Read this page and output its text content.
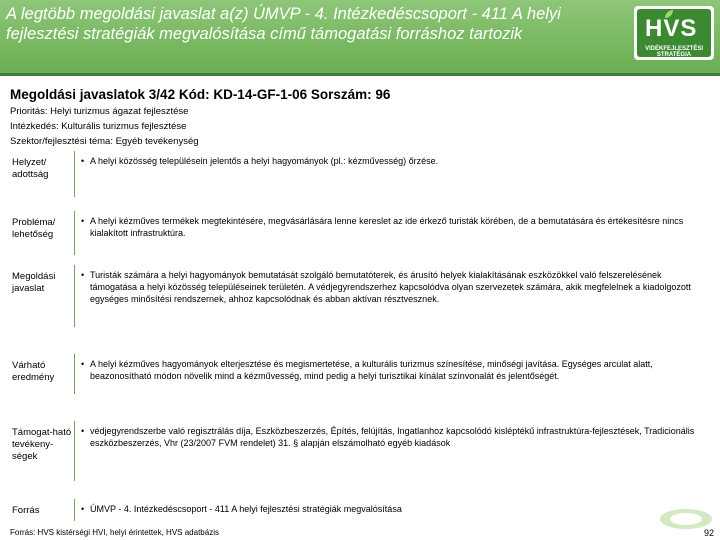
A legtöbb megoldási javaslat a(z) ÚMVP - 4. Intézkedéscsoport - 411 A helyi fejlesztési stratégiák megvalósítása című támogatási forráshoz tartozik	HVS
VIDÉKFEJLESZTÉSI STRATÉGIA
Megoldási javaslatok 3/42 Kód: KD-14-GF-1-06 Sorszám: 96
Prioritás: Helyi turizmus ágazat fejlesztése
Intézkedés: Kulturális turizmus fejlesztése
Szektor/fejlesztési téma: Egyéb tevékenység
Helyzet/ adottság
• A helyi közösség településein jelentős a helyi hagyományok (pl.: kézművesség) őrzése.
Probléma/ lehetőség
• A helyi kézműves termékek megtekintésére, megvásárlására lenne kereslet az ide érkező turisták körében, de a bemutatására és értékesítésre nincs kialakított infrastruktúra.
Megoldási javaslat
• Turisták számára a helyi hagyományok bemutatását szolgáló bemutatóterek, és árusító helyek kialakításának eszközökkel való felszerelésének támogatása a helyi közösség településeinek területén. A védjegyrendszerhez kapcsolódva olyan szervezetek számára, akik megfelelnek a kiadolgozott egységes minősítési rendszernek, ahhoz kapcsolódnak és abban aktívan résztvesznek.
Várható eredmény
• A helyi kézműves hagyományok elterjesztése és megismertetése, a kulturális turizmus színesítése, minőségi javítása. Egységes arculat alatt, beazonosítható módon növelik mind a kézművesség, mind pedig a helyi turisztikai kínálat színvonalát és jelentőségét.
Támogat-ható tevékeny-ségek
• védjegyrendszerbe való regisztrálás díja, Eszközbeszerzés, Építés, felújítás, Ingatlanhoz kapcsolódó kisléptékű infrastruktúra-fejlesztések, Tradicionális eszközbeszerzés, Vhr (23/2007 FVM rendelet) 31. § alapján elszámolható egyéb kiadások
Forrás	• ÚMVP - 4. Intézkedéscsoport - 411 A helyi fejlesztési stratégiák megvalósítása
Forrás: HVS kistérségi HVI, helyi érintettek, HVS adatbázis	92
